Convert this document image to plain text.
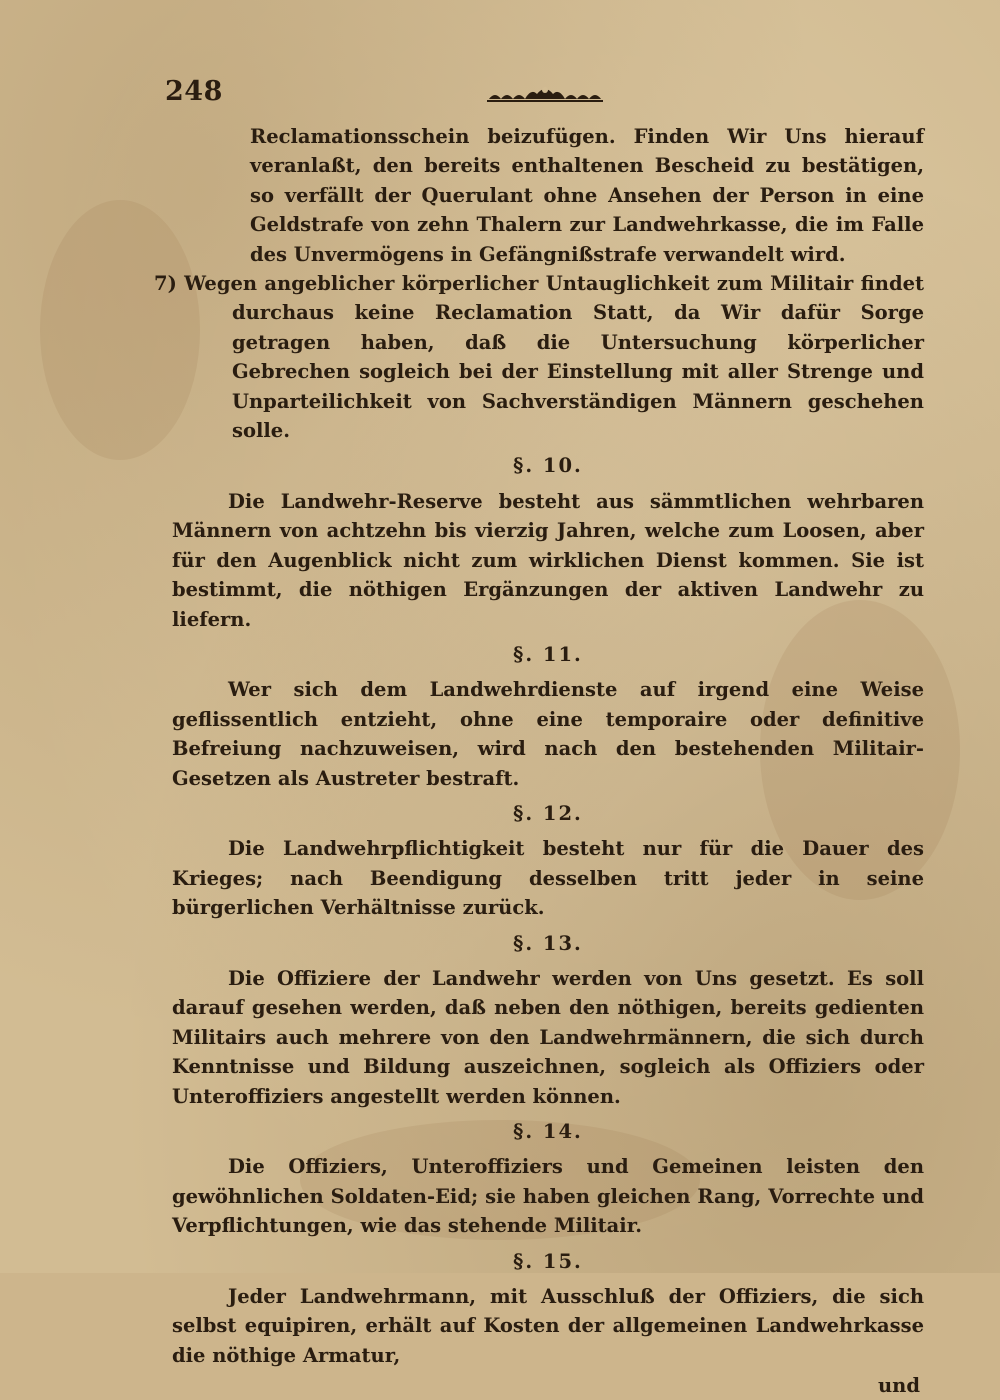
248

Reclamationsschein beizufügen. Finden Wir Uns hierauf veranlaßt, den bereits enthaltenen Bescheid zu bestätigen, so verfällt der Querulant ohne Ansehen der Person in eine Geldstrafe von zehn Thalern zur Landwehrkasse, die im Falle des Unvermögens in Gefängnißstrafe verwandelt wird.

7) Wegen angeblicher körperlicher Untauglichkeit zum Militair findet durchaus keine Reclamation Statt, da Wir dafür Sorge getragen haben, daß die Untersuchung körperlicher Gebrechen sogleich bei der Einstellung mit aller Strenge und Unparteilichkeit von Sachverständigen Männern geschehen solle.

§. 10.

Die Landwehr-Reserve besteht aus sämmtlichen wehrbaren Männern von achtzehn bis vierzig Jahren, welche zum Loosen, aber für den Augenblick nicht zum wirklichen Dienst kommen. Sie ist bestimmt, die nöthigen Ergänzungen der aktiven Landwehr zu liefern.

§. 11.

Wer sich dem Landwehrdienste auf irgend eine Weise geflissentlich entzieht, ohne eine temporaire oder definitive Befreiung nachzuweisen, wird nach den bestehenden Militair-Gesetzen als Austreter bestraft.

§. 12.

Die Landwehrpflichtigkeit besteht nur für die Dauer des Krieges; nach Beendigung desselben tritt jeder in seine bürgerlichen Verhältnisse zurück.

§. 13.

Die Offiziere der Landwehr werden von Uns gesetzt. Es soll darauf gesehen werden, daß neben den nöthigen, bereits gedienten Militairs auch mehrere von den Landwehrmännern, die sich durch Kenntnisse und Bildung auszeichnen, sogleich als Offiziers oder Unteroffiziers angestellt werden können.

§. 14.

Die Offiziers, Unteroffiziers und Gemeinen leisten den gewöhnlichen Soldaten-Eid; sie haben gleichen Rang, Vorrechte und Verpflichtungen, wie das stehende Militair.

§. 15.

Jeder Landwehrmann, mit Ausschluß der Offiziers, die sich selbst equipiren, erhält auf Kosten der allgemeinen Landwehrkasse die nöthige Armatur,

und
